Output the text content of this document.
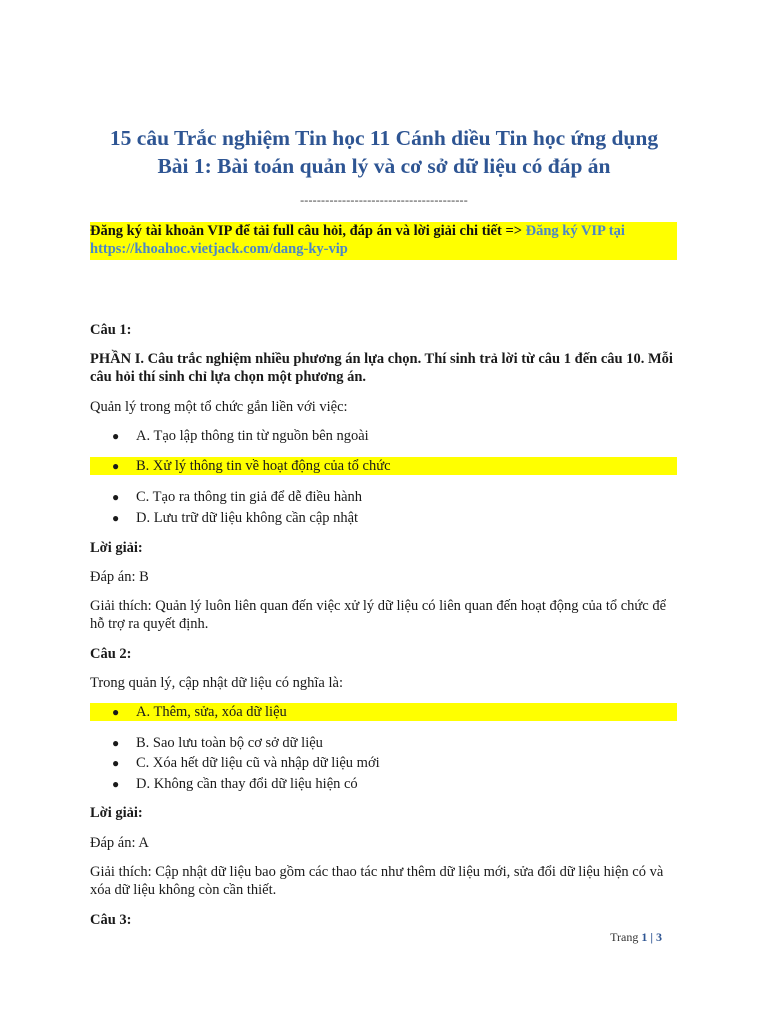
15 câu Trắc nghiệm Tin học 11 Cánh diều Tin học ứng dụng
Bài 1: Bài toán quản lý và cơ sở dữ liệu có đáp án
----------------------------------------
Đăng ký tài khoản VIP để tải full câu hỏi, đáp án và lời giải chi tiết => Đăng ký VIP tại
https://khoahoc.vietjack.com/dang-ky-vip
Câu 1:
PHẦN I. Câu trắc nghiệm nhiều phương án lựa chọn. Thí sinh trả lời từ câu 1 đến câu 10. Mỗi câu hỏi thí sinh chỉ lựa chọn một phương án.
Quản lý trong một tổ chức gắn liền với việc:
● A. Tạo lập thông tin từ nguồn bên ngoài
● B. Xử lý thông tin về hoạt động của tổ chức
● C. Tạo ra thông tin giả để dễ điều hành
● D. Lưu trữ dữ liệu không cần cập nhật
Lời giải:
Đáp án: B
Giải thích: Quản lý luôn liên quan đến việc xử lý dữ liệu có liên quan đến hoạt động của tổ chức để hỗ trợ ra quyết định.
Câu 2:
Trong quản lý, cập nhật dữ liệu có nghĩa là:
● A. Thêm, sửa, xóa dữ liệu
● B. Sao lưu toàn bộ cơ sở dữ liệu
● C. Xóa hết dữ liệu cũ và nhập dữ liệu mới
● D. Không cần thay đổi dữ liệu hiện có
Lời giải:
Đáp án: A
Giải thích: Cập nhật dữ liệu bao gồm các thao tác như thêm dữ liệu mới, sửa đổi dữ liệu hiện có và xóa dữ liệu không còn cần thiết.
Câu 3:
Trang 1 | 3
